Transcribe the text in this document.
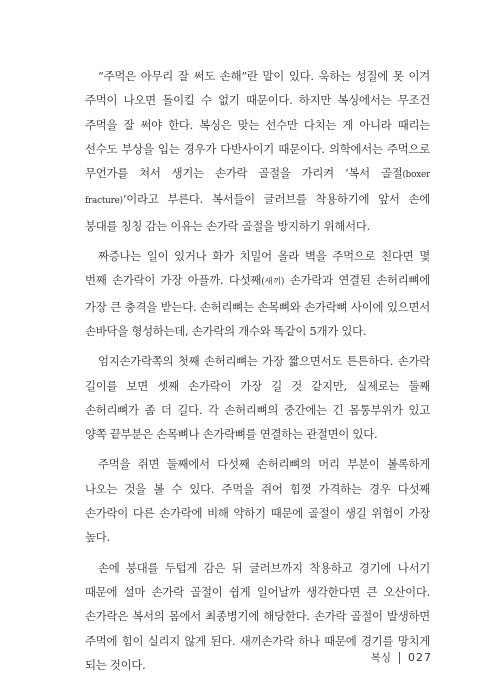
“주먹은 아무리 잘 써도 손해”란 말이 있다. 욱하는 성질에 못 이겨 주먹이 나오면 돌이킬 수 없기 때문이다. 하지만 복싱에서는 무조건 주먹을 잘 써야 한다. 복싱은 맞는 선수만 다치는 게 아니라 때리는 선수도 부상을 입는 경우가 다반사이기 때문이다. 의학에서는 주먹으로 무언가를 쳐서 생기는 손가락 골절을 가리켜 ‘복서 골절(boxer fracture)’이라고 부른다. 복서들이 글러브를 착용하기에 앞서 손에 붕대를 칭칭 감는 이유는 손가락 골절을 방지하기 위해서다.

짜증나는 일이 있거나 화가 치밀어 올라 벽을 주먹으로 친다면 몇 번째 손가락이 가장 아플까. 다섯째(새끼) 손가락과 연결된 손허리뼈에 가장 큰 충격을 받는다. 손허리뼈는 손목뼈와 손가락뼈 사이에 있으면서 손바닥을 형성하는데, 손가락의 개수와 똑같이 5개가 있다.

엄지손가락쪽의 첫째 손허리뼈는 가장 짧으면서도 튼튼하다. 손가락 길이를 보면 셋째 손가락이 가장 길 것 같지만, 실제로는 둘째 손허리뼈가 좀 더 길다. 각 손허리뼈의 중간에는 긴 몸통부위가 있고 양쪽 끝부분은 손목뼈나 손가락뼈를 연결하는 관절면이 있다.

주먹을 쥐면 둘째에서 다섯째 손허리뼈의 머리 부분이 볼록하게 나오는 것을 볼 수 있다. 주먹을 쥐어 힘껏 가격하는 경우 다섯째 손가락이 다른 손가락에 비해 약하기 때문에 골절이 생길 위험이 가장 높다.

손에 붕대를 두텁게 감은 뒤 글러브까지 착용하고 경기에 나서기 때문에 설마 손가락 골절이 쉽게 일어날까 생각한다면 큰 오산이다. 손가락은 복서의 몸에서 최종병기에 해당한다. 손가락 골절이 발생하면 주먹에 힘이 실리지 않게 된다. 새끼손가락 하나 때문에 경기를 망치게 되는 것이다.	복싱 027
